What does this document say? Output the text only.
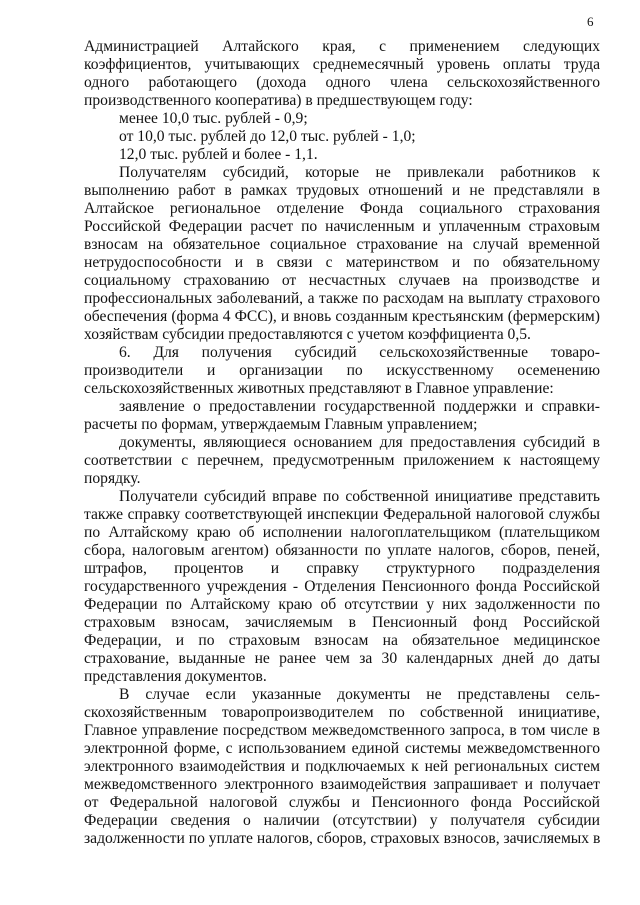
6
Администрацией Алтайского края, с применением следующих
коэффициентов, учитывающих среднемесячный уровень оплаты труда
одного работающего (дохода одного члена сельскохозяйственного
производственного кооператива) в предшествующем году:
менее 10,0 тыс. рублей - 0,9;
от 10,0 тыс. рублей до 12,0 тыс. рублей - 1,0;
12,0 тыс. рублей и более - 1,1.
Получателям субсидий, которые не привлекали работников к
выполнению работ в рамках трудовых отношений и не представляли в
Алтайское региональное отделение Фонда социального страхования
Российской Федерации расчет по начисленным и уплаченным страховым
взносам на обязательное социальное страхование на случай временной
нетрудоспособности и в связи с материнством и по обязательному
социальному страхованию от несчастных случаев на производстве и
профессиональных заболеваний, а также по расходам на выплату страхового
обеспечения (форма 4 ФСС), и вновь созданным крестьянским (фермерским)
хозяйствам субсидии предоставляются с учетом коэффициента 0,5.
6. Для получения субсидий сельскохозяйственные товаро-
производители и организации по искусственному осеменению
сельскохозяйственных животных представляют в Главное управление:
заявление о предоставлении государственной поддержки и справки-
расчеты по формам, утверждаемым Главным управлением;
документы, являющиеся основанием для предоставления субсидий в
соответствии с перечнем, предусмотренным приложением к настоящему
порядку.
Получатели субсидий вправе по собственной инициативе представить
также справку соответствующей инспекции Федеральной налоговой службы
по Алтайскому краю об исполнении налогоплательщиком (плательщиком
сбора, налоговым агентом) обязанности по уплате налогов, сборов, пеней,
штрафов, процентов и справку структурного подразделения
государственного учреждения - Отделения Пенсионного фонда Российской
Федерации по Алтайскому краю об отсутствии у них задолженности по
страховым взносам, зачисляемым в Пенсионный фонд Российской
Федерации, и по страховым взносам на обязательное медицинское
страхование, выданные не ранее чем за 30 календарных дней до даты
представления документов.
В случае если указанные документы не представлены сель-
скохозяйственным товаропроизводителем по собственной инициативе,
Главное управление посредством межведомственного запроса, в том числе в
электронной форме, с использованием единой системы межведомственного
электронного взаимодействия и подключаемых к ней региональных систем
межведомственного электронного взаимодействия запрашивает и получает
от Федеральной налоговой службы и Пенсионного фонда Российской
Федерации сведения о наличии (отсутствии) у получателя субсидии
задолженности по уплате налогов, сборов, страховых взносов, зачисляемых в
